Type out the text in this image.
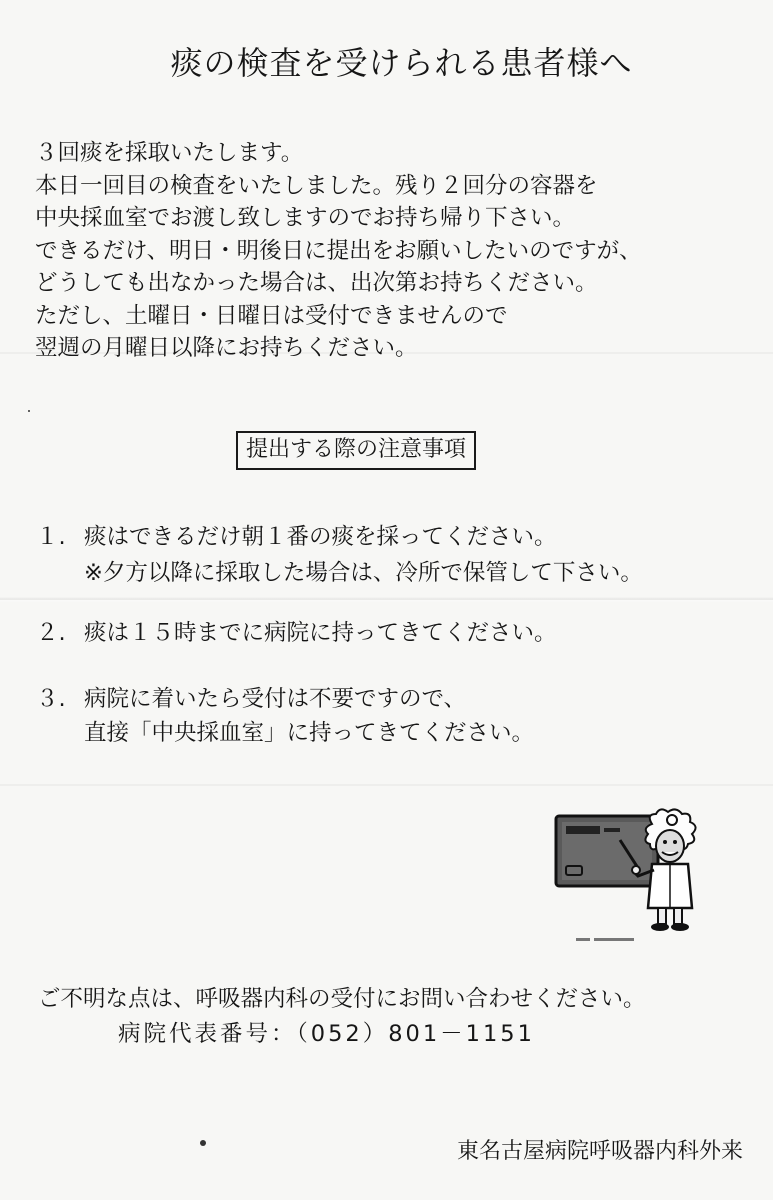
痰の検査を受けられる患者様へ
３回痰を採取いたします。
本日一回目の検査をいたしました。残り２回分の容器を
中央採血室でお渡し致しますのでお持ち帰り下さい。
できるだけ、明日・明後日に提出をお願いしたいのですが、
どうしても出なかった場合は、出次第お持ちください。
ただし、土曜日・日曜日は受付できませんので
翌週の月曜日以降にお持ちください。
提出する際の注意事項
１. 痰はできるだけ朝１番の痰を採ってください。
※夕方以降に採取した場合は、冷所で保管して下さい。
２. 痰は１５時までに病院に持ってきてください。
３. 病院に着いたら受付は不要ですので、
直接「中央採血室」に持ってきてください。
ご不明な点は、呼吸器内科の受付にお問い合わせください。
病院代表番号：（052）801－1151
東名古屋病院呼吸器内科外来
